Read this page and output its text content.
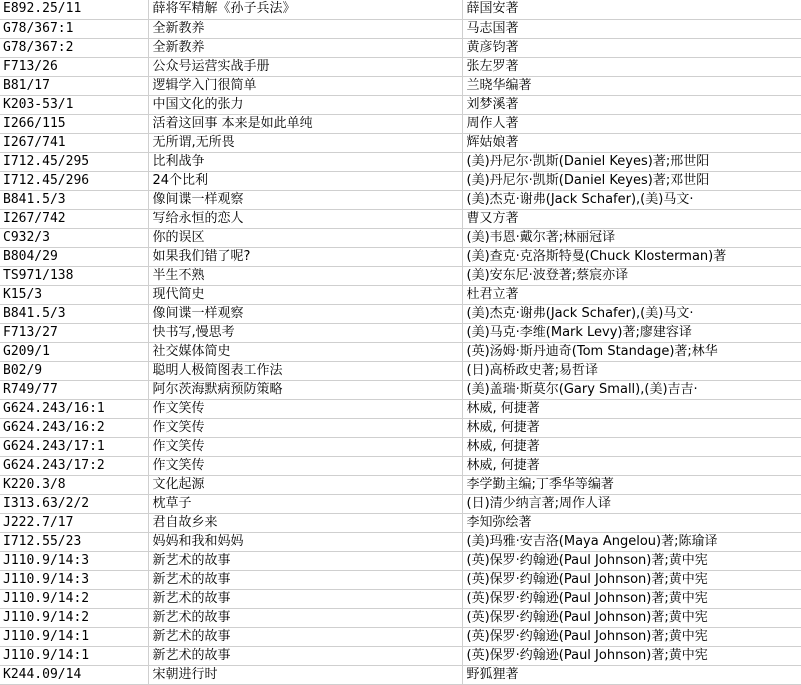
E892.25/11	薛将军精解《孙子兵法》	薛国安著
G78/367:1	全新教养	马志国著
G78/367:2	全新教养	黄彦钧著
F713/26	公众号运营实战手册	张左罗著
B81/17	逻辑学入门很简单	兰晓华编著
K203-53/1	中国文化的张力	刘梦溪著
I266/115	活着这回事 本来是如此单纯	周作人著
I267/741	无所谓,无所畏	辉姑娘著
I712.45/295	比利战争	(美)丹尼尔·凯斯(Daniel Keyes)著;邢世阳
I712.45/296	24个比利	(美)丹尼尔·凯斯(Daniel Keyes)著;邓世阳
B841.5/3	像间谍一样观察	(美)杰克·谢弗(Jack Schafer),(美)马文·
I267/742	写给永恒的恋人	曹又方著
C932/3	你的误区	(美)韦恩·戴尔著;林丽冠译
B804/29	如果我们错了呢?	(美)查克·克洛斯特曼(Chuck Klosterman)著
TS971/138	半生不熟	(美)安东尼·波登著;蔡宸亦译
K15/3	现代简史	杜君立著
B841.5/3	像间谍一样观察	(美)杰克·谢弗(Jack Schafer),(美)马文·
F713/27	快书写,慢思考	(美)马克·李维(Mark Levy)著;廖建容译
G209/1	社交媒体简史	(英)汤姆·斯丹迪奇(Tom Standage)著;林华
B02/9	聪明人极简图表工作法	(日)高桥政史著;易哲译
R749/77	阿尔茨海默病预防策略	(美)盖瑞·斯莫尔(Gary Small),(美)吉吉·
G624.243/16:1	作文笑传	林威, 何捷著
G624.243/16:2	作文笑传	林威, 何捷著
G624.243/17:1	作文笑传	林威, 何捷著
G624.243/17:2	作文笑传	林威, 何捷著
K220.3/8	文化起源	李学勤主编;丁季华等编著
I313.63/2/2	枕草子	(日)清少纳言著;周作人译
J222.7/17	君自故乡来	李知弥绘著
I712.55/23	妈妈和我和妈妈	(美)玛雅·安吉洛(Maya Angelou)著;陈瑜译
J110.9/14:3	新艺术的故事	(英)保罗·约翰逊(Paul Johnson)著;黄中宪
J110.9/14:3	新艺术的故事	(英)保罗·约翰逊(Paul Johnson)著;黄中宪
J110.9/14:2	新艺术的故事	(英)保罗·约翰逊(Paul Johnson)著;黄中宪
J110.9/14:2	新艺术的故事	(英)保罗·约翰逊(Paul Johnson)著;黄中宪
J110.9/14:1	新艺术的故事	(英)保罗·约翰逊(Paul Johnson)著;黄中宪
J110.9/14:1	新艺术的故事	(英)保罗·约翰逊(Paul Johnson)著;黄中宪
K244.09/14	宋朝进行时	野狐狸著
